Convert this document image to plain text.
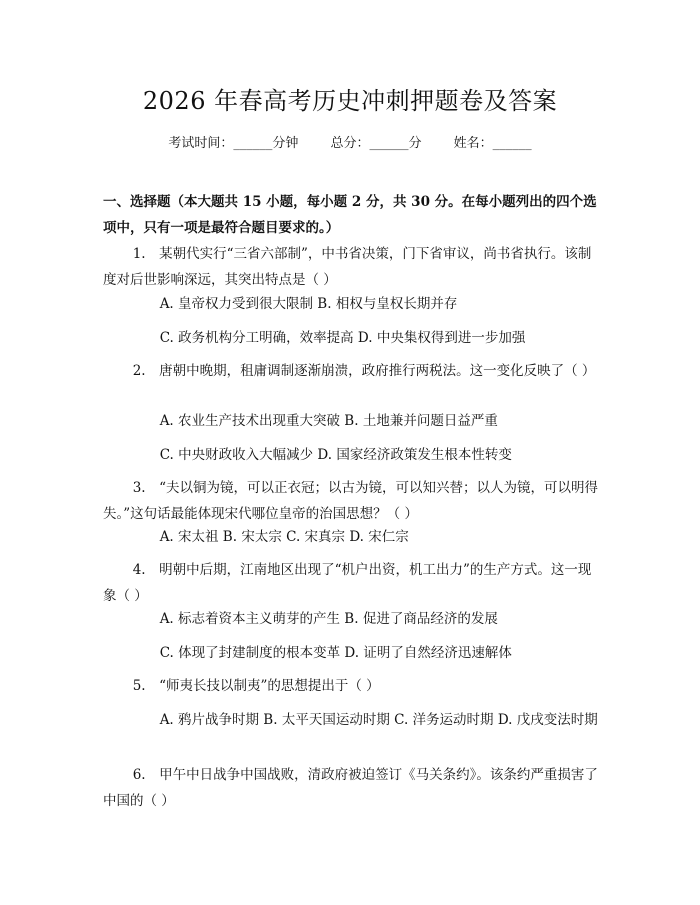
2026 年春高考历史冲刺押题卷及答案
考试时间：______分钟 总分：______分 姓名：______
一、选择题（本大题共 15 小题，每小题 2 分，共 30 分。在每小题列出的四个选项中，只有一项是最符合题目要求的。）
1.　某朝代实行“三省六部制”，中书省决策，门下省审议，尚书省执行。该制度对后世影响深远，其突出特点是（ ）
A. 皇帝权力受到很大限制 B. 相权与皇权长期并存
C. 政务机构分工明确，效率提高 D. 中央集权得到进一步加强
2.　唐朝中晚期，租庸调制逐渐崩溃，政府推行两税法。这一变化反映了（ ）
A. 农业生产技术出现重大突破 B. 土地兼并问题日益严重
C. 中央财政收入大幅减少 D. 国家经济政策发生根本性转变
3.　“夫以铜为镜，可以正衣冠；以古为镜，可以知兴替；以人为镜，可以明得失。”这句话最能体现宋代哪位皇帝的治国思想？（ ）
A. 宋太祖 B. 宋太宗 C. 宋真宗 D. 宋仁宗
4.　明朝中后期，江南地区出现了“机户出资，机工出力”的生产方式。这一现象（ ）
A. 标志着资本主义萌芽的产生 B. 促进了商品经济的发展
C. 体现了封建制度的根本变革 D. 证明了自然经济迅速解体
5.　“师夷长技以制夷”的思想提出于（ ）
A. 鸦片战争时期 B. 太平天国运动时期 C. 洋务运动时期 D. 戊戌变法时期
6.　甲午中日战争中国战败，清政府被迫签订《马关条约》。该条约严重损害了中国的（ ）
